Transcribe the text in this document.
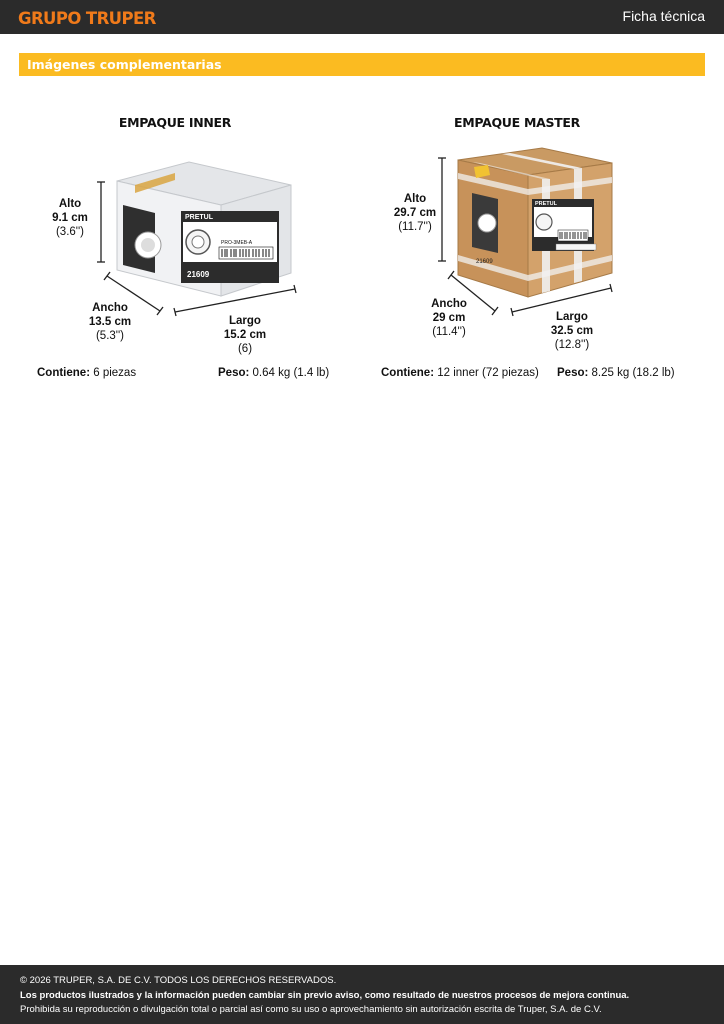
GRUPO TRUPER	Ficha técnica
Imágenes complementarias
EMPAQUE INNER
PRETUL
21609
PRO-3MEB-A
Alto
9.1 cm
(3.6'')
Ancho
13.5 cm
(5.3'')
Largo
15.2 cm
(6)
Contiene: 6 piezas	Peso: 0.64 kg (1.4 lb)
EMPAQUE MASTER
21609
PRETUL
Alto
29.7 cm
(11.7'')
Ancho
29 cm
(11.4'')
Largo
32.5 cm
(12.8'')
Contiene: 12 inner (72 piezas) Peso: 8.25 kg (18.2 lb)
© 2026 TRUPER, S.A. DE C.V. TODOS LOS DERECHOS RESERVADOS.
Los productos ilustrados y la información pueden cambiar sin previo aviso, como resultado de nuestros procesos de mejora continua.
Prohibida su reproducción o divulgación total o parcial así como su uso o aprovechamiento sin autorización escrita de Truper, S.A. de C.V.
